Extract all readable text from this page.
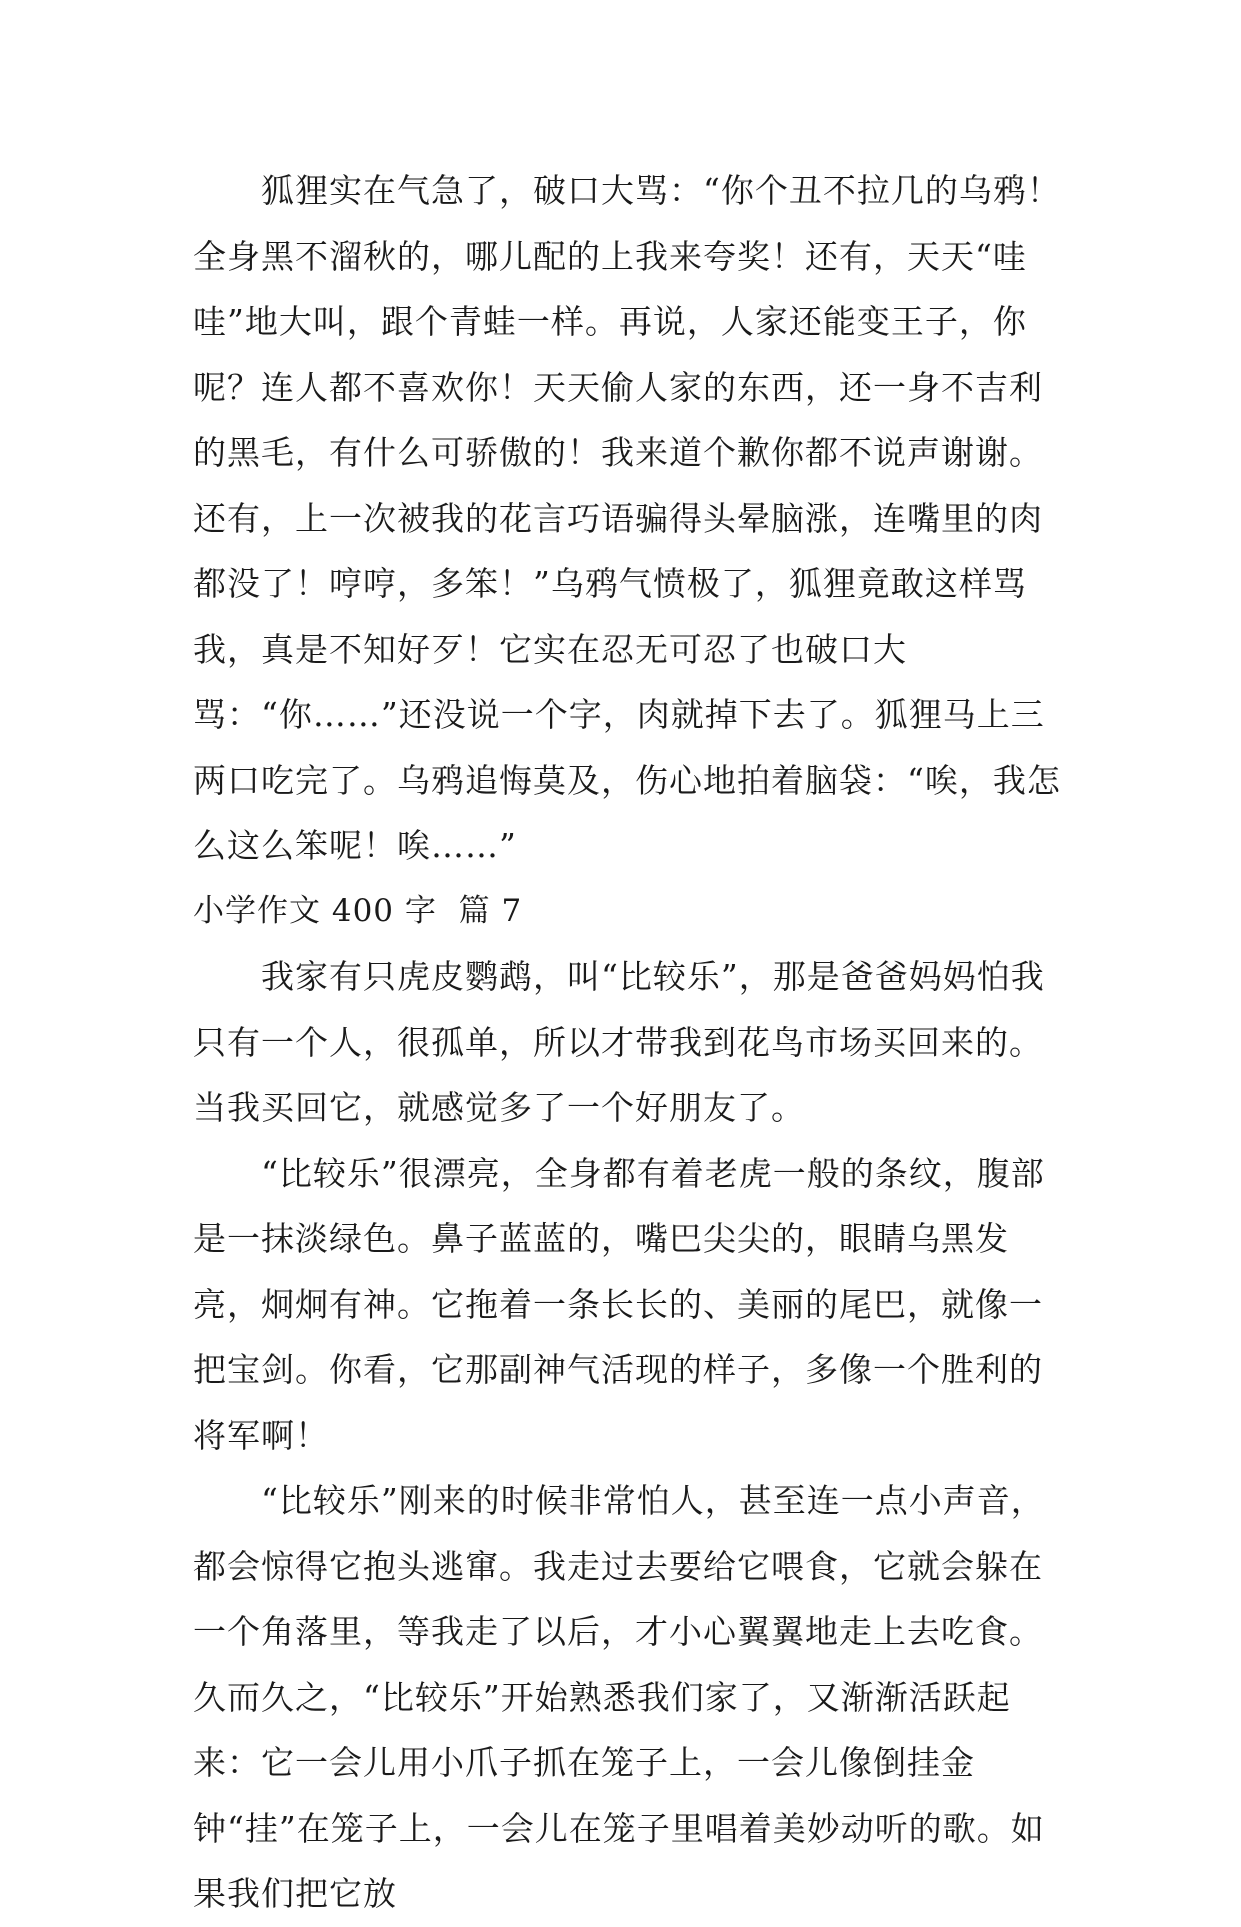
　　狐狸实在气急了，破口大骂：“你个丑不拉几的乌鸦！全身黑不溜秋的，哪儿配的上我来夸奖！还有，天天“哇哇”地大叫，跟个青蛙一样。再说，人家还能变王子，你呢？连人都不喜欢你！天天偷人家的东西，还一身不吉利的黑毛，有什么可骄傲的！我来道个歉你都不说声谢谢。还有，上一次被我的花言巧语骗得头晕脑涨，连嘴里的肉都没了！哼哼，多笨！”乌鸦气愤极了，狐狸竟敢这样骂我，真是不知好歹！它实在忍无可忍了也破口大骂：“你……”还没说一个字，肉就掉下去了。狐狸马上三两口吃完了。乌鸦追悔莫及，伤心地拍着脑袋：“唉，我怎么这么笨呢！唉……”

小学作文 400 字  篇 7

　　我家有只虎皮鹦鹉，叫“比较乐”，那是爸爸妈妈怕我只有一个人，很孤单，所以才带我到花鸟市场买回来的。当我买回它，就感觉多了一个好朋友了。

　　“比较乐”很漂亮，全身都有着老虎一般的条纹，腹部是一抹淡绿色。鼻子蓝蓝的，嘴巴尖尖的，眼睛乌黑发亮，炯炯有神。它拖着一条长长的、美丽的尾巴，就像一把宝剑。你看，它那副神气活现的样子，多像一个胜利的将军啊！

　　“比较乐”刚来的时候非常怕人，甚至连一点小声音，都会惊得它抱头逃窜。我走过去要给它喂食，它就会躲在一个角落里，等我走了以后，才小心翼翼地走上去吃食。久而久之，“比较乐”开始熟悉我们家了，又渐渐活跃起来：它一会儿用小爪子抓在笼子上，一会儿像倒挂金钟“挂”在笼子上，一会儿在笼子里唱着美妙动听的歌。如果我们把它放
